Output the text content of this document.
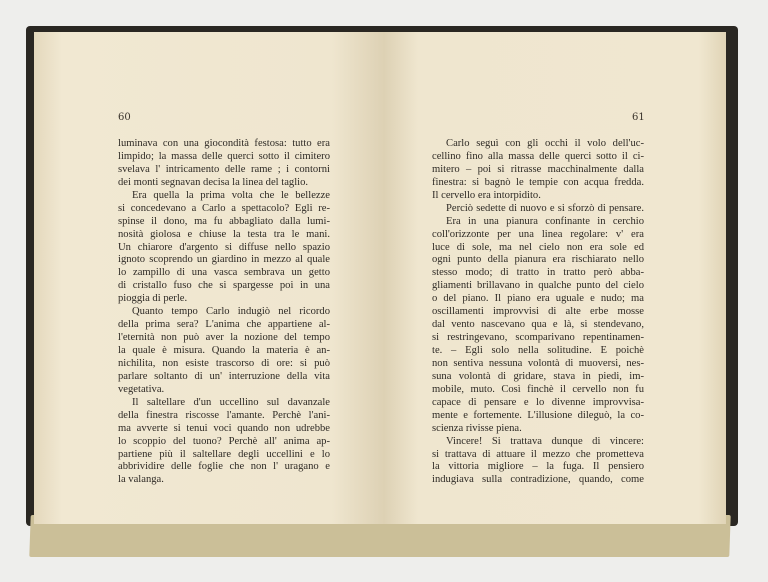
60
luminava con una giocondità festosa: tutto era
limpido; la massa delle querci sotto il cimitero
svelava l' intricamento delle rame ; i contorni
dei monti segnavan decisa la linea del taglio.
Era quella la prima volta che le bellezze
si concedevano a Carlo a spettacolo? Egli re-
spinse il dono, ma fu abbagliato dalla lumi-
nosità giolosa e chiuse la testa tra le mani.
Un chiarore d'argento si diffuse nello spazio
ignoto scoprendo un giardino in mezzo al quale
lo zampillo di una vasca sembrava un getto
di cristallo fuso che si spargesse poi in una
pioggia di perle.
Quanto tempo Carlo indugiò nel ricordo
della prima sera? L'anima che appartiene al-
l'eternità non può aver la nozione del tempo
la quale è misura. Quando la materia è an-
nichilita, non esiste trascorso di ore: si può
parlare soltanto di un' interruzione della vita
vegetativa.
Il saltellare d'un uccellino sul davanzale
della finestra riscosse l'amante. Perchè l'ani-
ma avverte si tenui voci quando non udrebbe
lo scoppio del tuono? Perchè all' anima ap-
partiene più il saltellare degli uccellini e lo
abbrividire delle foglie che non l' uragano e
la valanga.
61
Carlo seguì con gli occhi il volo dell'uc-
cellino fino alla massa delle querci sotto il ci-
mitero – poi si ritrasse macchinalmente dalla
finestra: si bagnò le tempie con acqua fredda.
Il cervello era intorpidito.
Perciò sedette di nuovo e si sforzò di pensare.
Era in una pianura confinante in cerchio
coll'orizzonte per una linea regolare: v' era
luce di sole, ma nel cielo non era sole ed
ogni punto della pianura era rischiarato nello
stesso modo; di tratto in tratto però abba-
gliamenti brillavano in qualche punto del cielo
o del piano. Il piano era uguale e nudo; ma
oscillamenti improvvisi di alte erbe mosse
dal vento nascevano qua e là, si stendevano,
si restringevano, scomparivano repentinamen-
te. – Egli solo nella solitudine. E poichè
non sentiva nessuna volontà di muoversi, nes-
suna volontà di gridare, stava in piedi, im-
mobile, muto. Così finchè il cervello non fu
capace di pensare e lo divenne improvvisa-
mente e fortemente. L'illusione dileguò, la co-
scienza rivisse piena.
Vincere! Si trattava dunque di vincere:
si trattava di attuare il mezzo che prometteva
la vittoria migliore – la fuga. Il pensiero
indugiava sulla contradizione, quando, come
